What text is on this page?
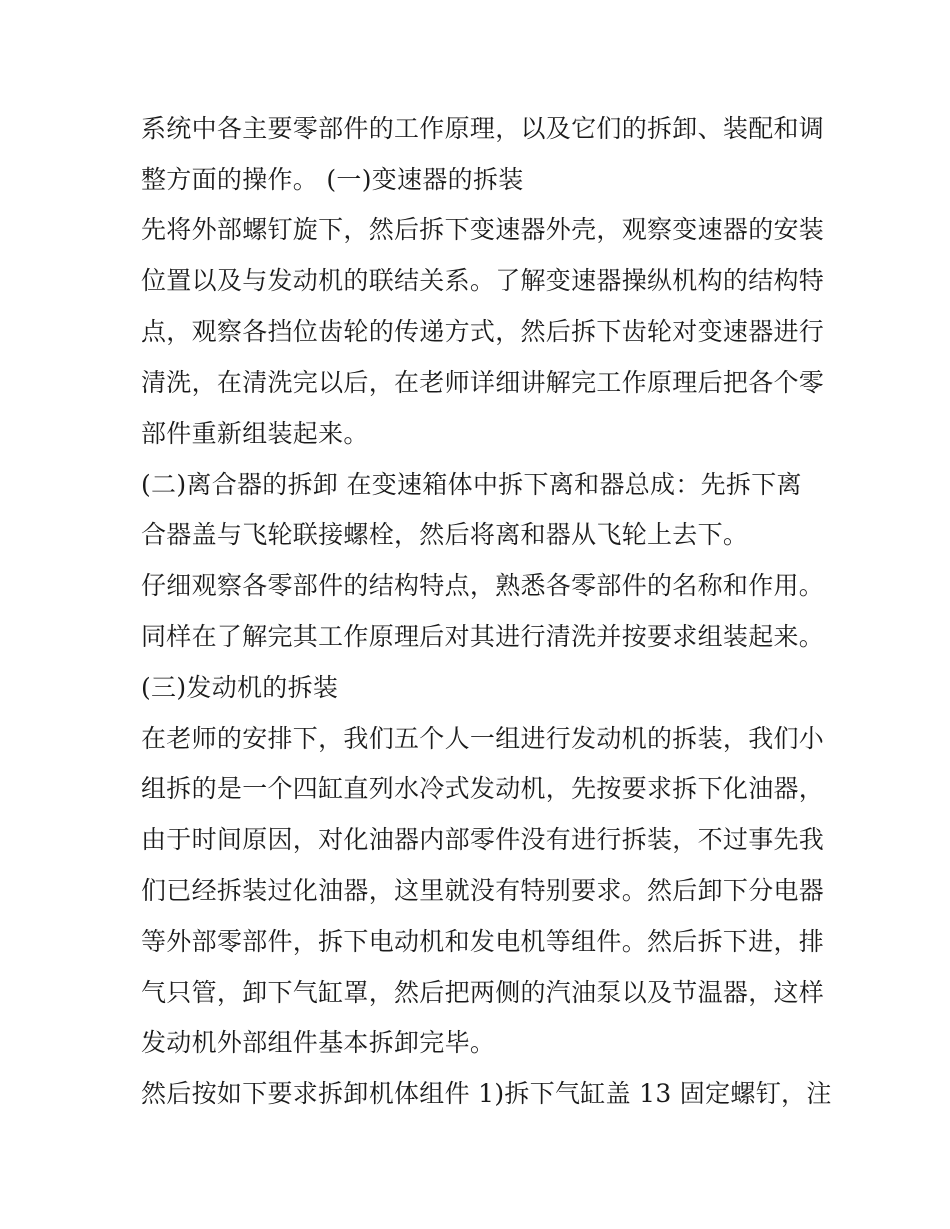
系统中各主要零部件的工作原理，以及它们的拆卸、装配和调
整方面的操作。 (一)变速器的拆装
先将外部螺钉旋下，然后拆下变速器外壳，观察变速器的安装
位置以及与发动机的联结关系。了解变速器操纵机构的结构特
点，观察各挡位齿轮的传递方式，然后拆下齿轮对变速器进行
清洗，在清洗完以后，在老师详细讲解完工作原理后把各个零
部件重新组装起来。
(二)离合器的拆卸 在变速箱体中拆下离和器总成：先拆下离
合器盖与飞轮联接螺栓，然后将离和器从飞轮上去下。
仔细观察各零部件的结构特点，熟悉各零部件的名称和作用。
同样在了解完其工作原理后对其进行清洗并按要求组装起来。
(三)发动机的拆装
在老师的安排下，我们五个人一组进行发动机的拆装，我们小
组拆的是一个四缸直列水冷式发动机，先按要求拆下化油器，
由于时间原因，对化油器内部零件没有进行拆装，不过事先我
们已经拆装过化油器，这里就没有特别要求。然后卸下分电器
等外部零部件，拆下电动机和发电机等组件。然后拆下进，排
气只管，卸下气缸罩，然后把两侧的汽油泵以及节温器，这样
发动机外部组件基本拆卸完毕。
然后按如下要求拆卸机体组件 1)拆下气缸盖 13 固定螺钉，注
